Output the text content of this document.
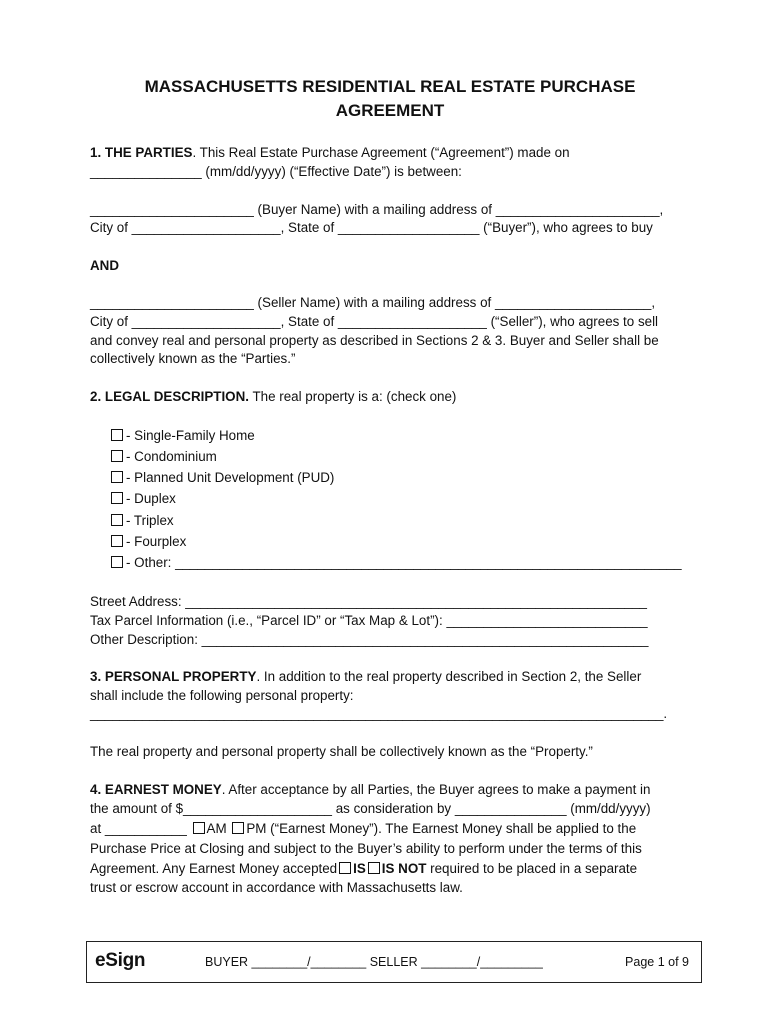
MASSACHUSETTS RESIDENTIAL REAL ESTATE PURCHASE
AGREEMENT
1. THE PARTIES. This Real Estate Purchase Agreement (“Agreement”) made on
_______________ (mm/dd/yyyy) (“Effective Date”) is between:
______________________ (Buyer Name) with a mailing address of ______________________,
City of ____________________, State of ___________________ (“Buyer”), who agrees to buy
AND
______________________ (Seller Name) with a mailing address of _____________________,
City of ____________________, State of ____________________ (“Seller”), who agrees to sell
and convey real and personal property as described in Sections 2 & 3. Buyer and Seller shall be
collectively known as the “Parties.”
2. LEGAL DESCRIPTION. The real property is a: (check one)
- Single-Family Home
- Condominium
- Planned Unit Development (PUD)
- Duplex
- Triplex
- Fourplex
- Other: ____________________________________________________________________
Street Address: ______________________________________________________________
Tax Parcel Information (i.e., “Parcel ID” or “Tax Map & Lot”): ___________________________
Other Description: ____________________________________________________________
3. PERSONAL PROPERTY. In addition to the real property described in Section 2, the Seller
shall include the following personal property:
_____________________________________________________________________________.
The real property and personal property shall be collectively known as the “Property.”
4. EARNEST MONEY. After acceptance by all Parties, the Buyer agrees to make a payment in
the amount of $____________________ as consideration by _______________ (mm/dd/yyyy)
at ___________ AM PM (“Earnest Money”). The Earnest Money shall be applied to the
Purchase Price at Closing and subject to the Buyer’s ability to perform under the terms of this
Agreement. Any Earnest Money accepted IS IS NOT required to be placed in a separate
trust or escrow account in accordance with Massachusetts law.
eSign	BUYER ________/________ SELLER ________/_________	Page 1 of 9
